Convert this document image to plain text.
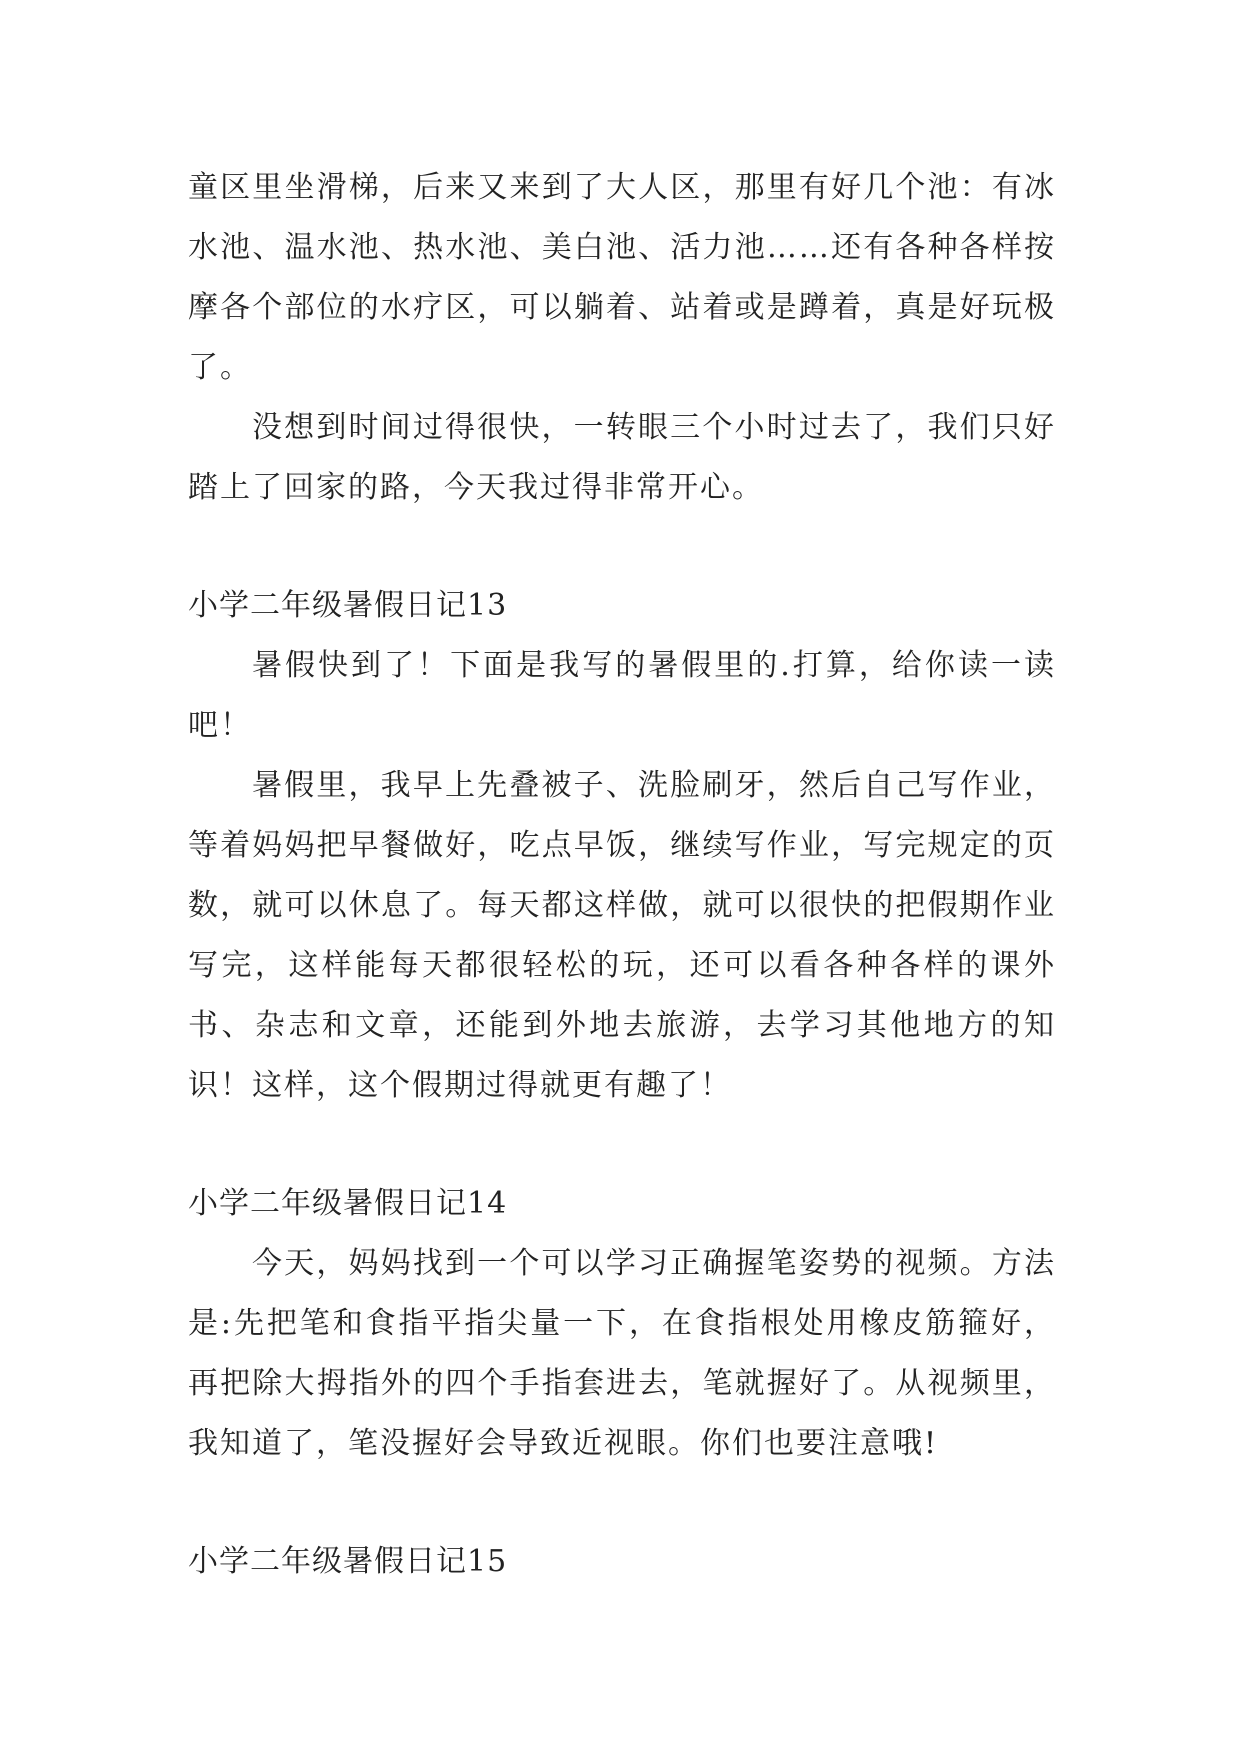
童区里坐滑梯，后来又来到了大人区，那里有好几个池：有冰水池、温水池、热水池、美白池、活力池……还有各种各样按摩各个部位的水疗区，可以躺着、站着或是蹲着，真是好玩极了。

没想到时间过得很快，一转眼三个小时过去了，我们只好踏上了回家的路，今天我过得非常开心。

小学二年级暑假日记13

暑假快到了！下面是我写的暑假里的.打算，给你读一读吧！

暑假里，我早上先叠被子、洗脸刷牙，然后自己写作业，等着妈妈把早餐做好，吃点早饭，继续写作业，写完规定的页数，就可以休息了。每天都这样做，就可以很快的把假期作业写完，这样能每天都很轻松的玩，还可以看各种各样的课外书、杂志和文章，还能到外地去旅游，去学习其他地方的知识！这样，这个假期过得就更有趣了！

小学二年级暑假日记14

今天，妈妈找到一个可以学习正确握笔姿势的视频。方法是:先把笔和食指平指尖量一下，在食指根处用橡皮筋箍好，再把除大拇指外的四个手指套进去，笔就握好了。从视频里，我知道了，笔没握好会导致近视眼。你们也要注意哦!

小学二年级暑假日记15
